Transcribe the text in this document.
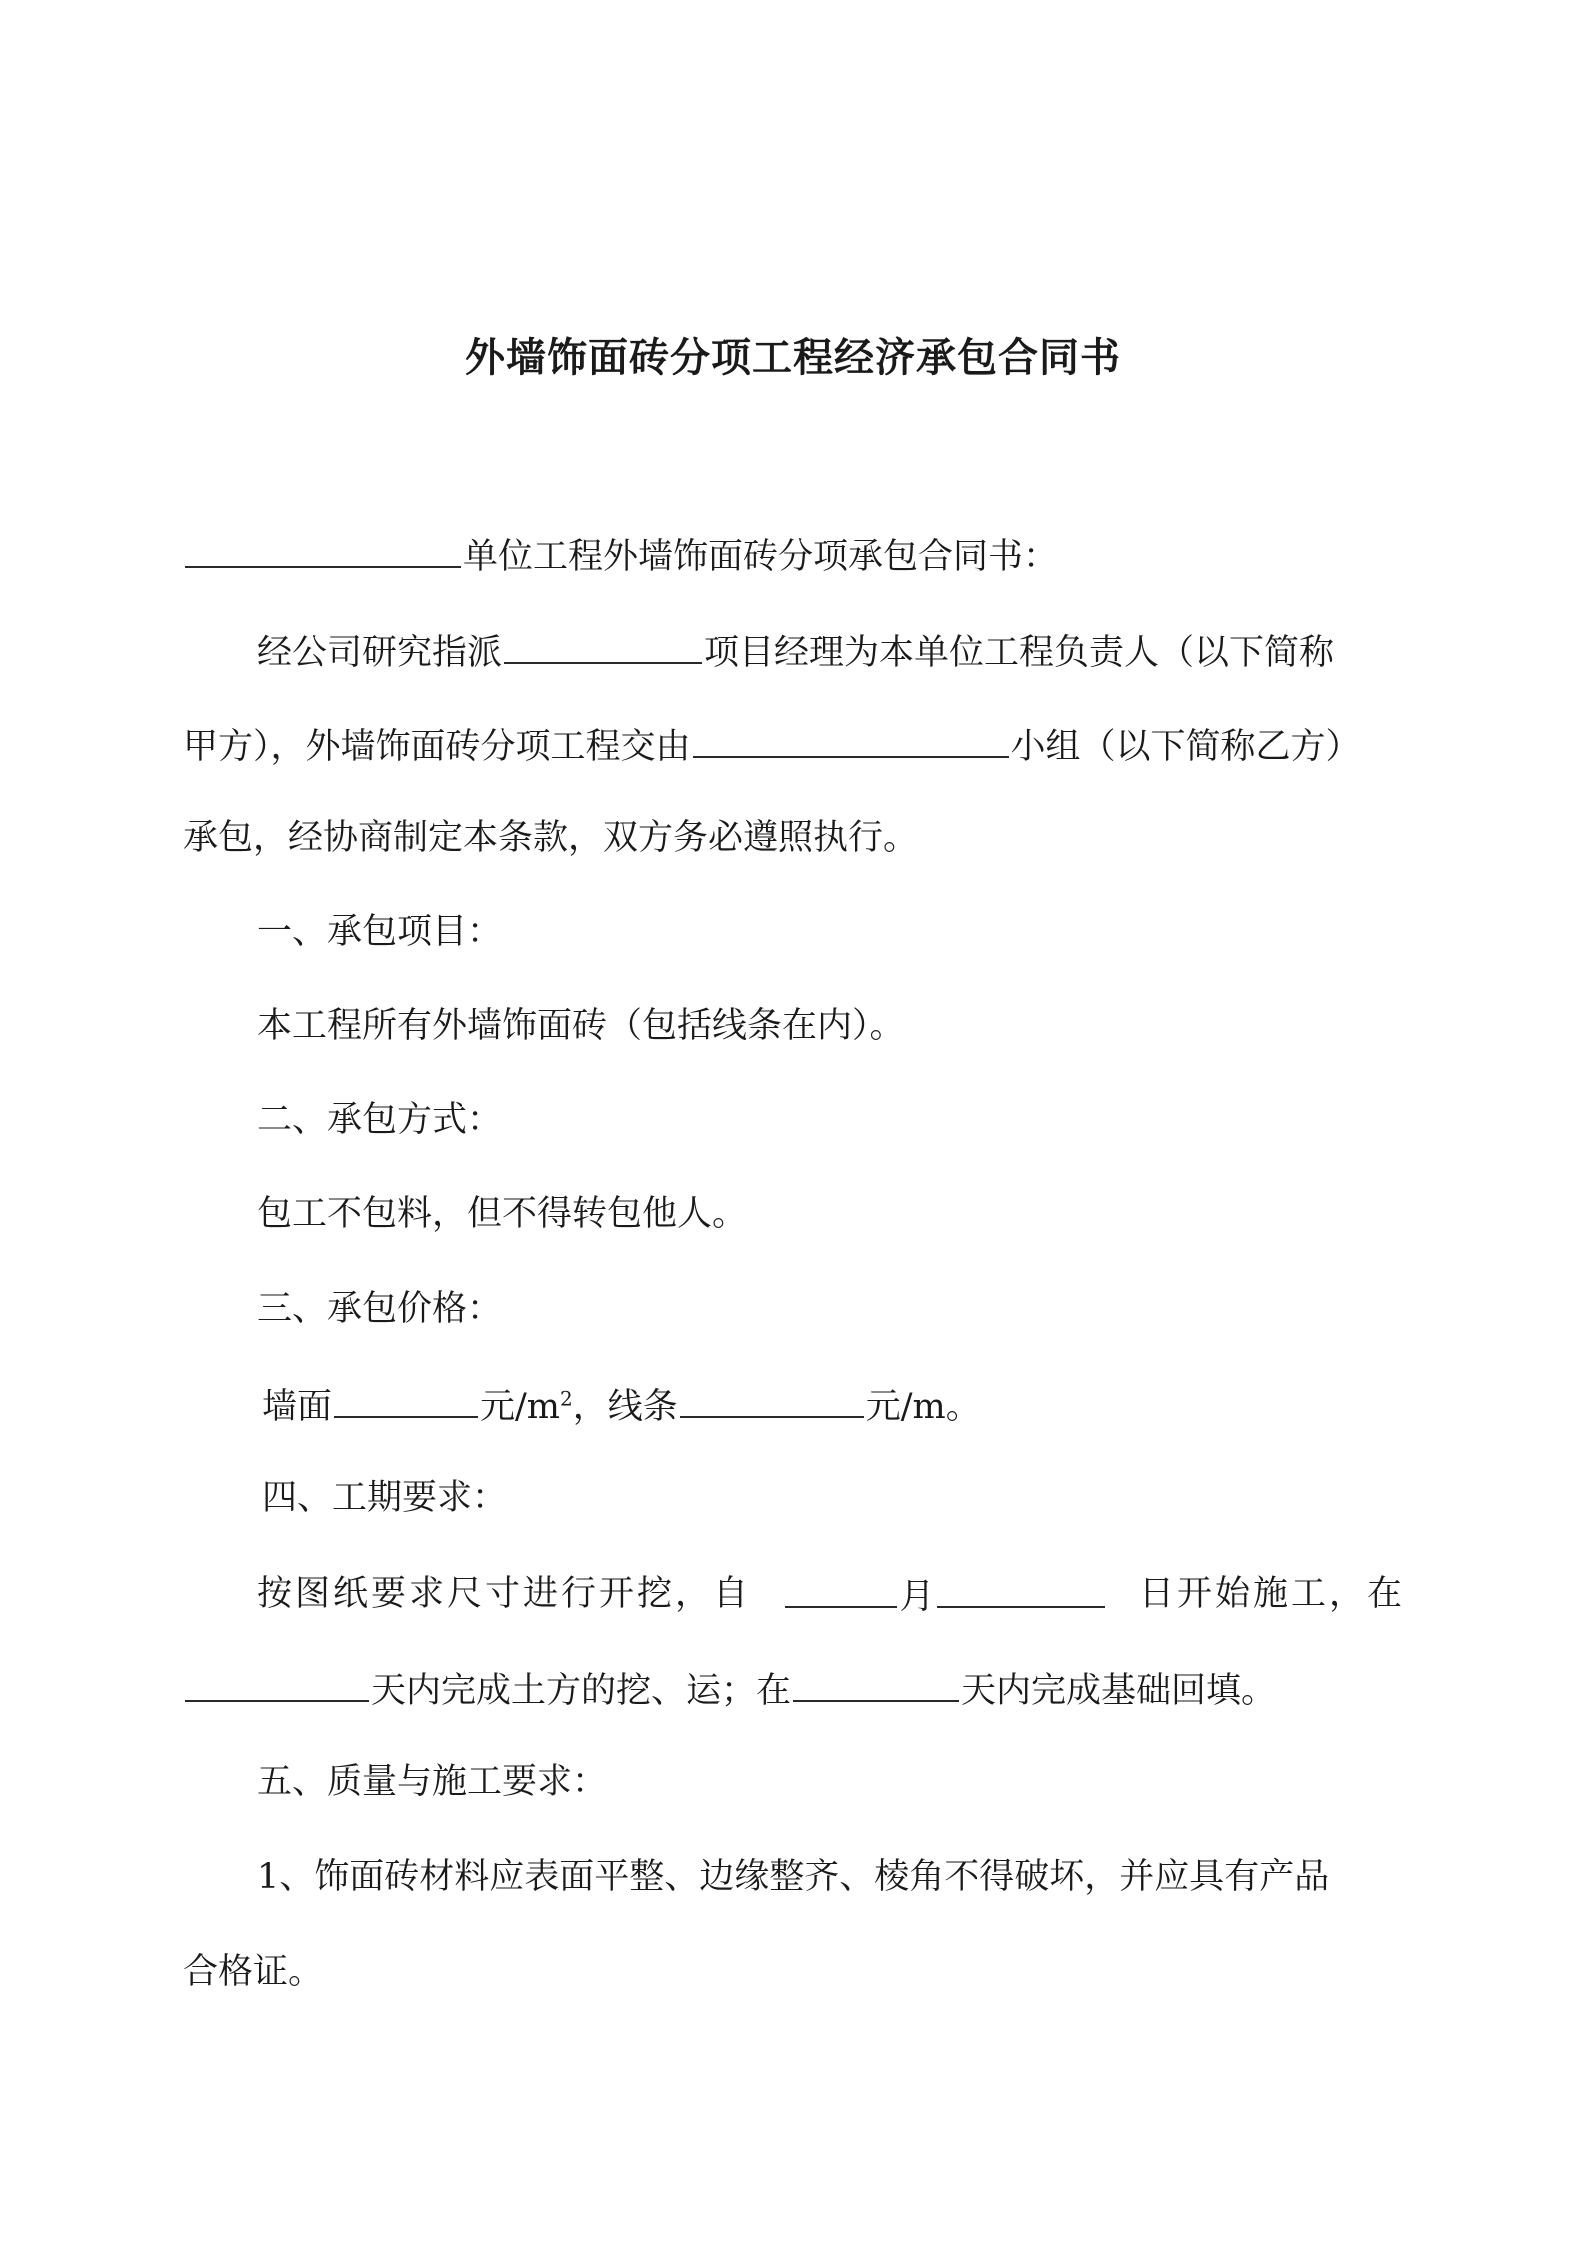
外墙饰面砖分项工程经济承包合同书

单位工程外墙饰面砖分项承包合同书：

经公司研究指派	项目经理为本单位工程负责人（以下简称

甲方），外墙饰面砖分项工程交由	小组（以下简称乙方）

承包，经协商制定本条款，双方务必遵照执行。

一、承包项目：

本工程所有外墙饰面砖（包括线条在内）。

二、承包方式：

包工不包料，但不得转包他人。

三、承包价格：

墙面	元$/m^2$，线条	元/m。

四、工期要求：

按图纸要求尺寸进行开挖，自	月	日开始施工，在

天内完成土方的挖、运；在	天内完成基础回填。

五、质量与施工要求：

1、饰面砖材料应表面平整、边缘整齐、棱角不得破坏，并应具有产品

合格证。
